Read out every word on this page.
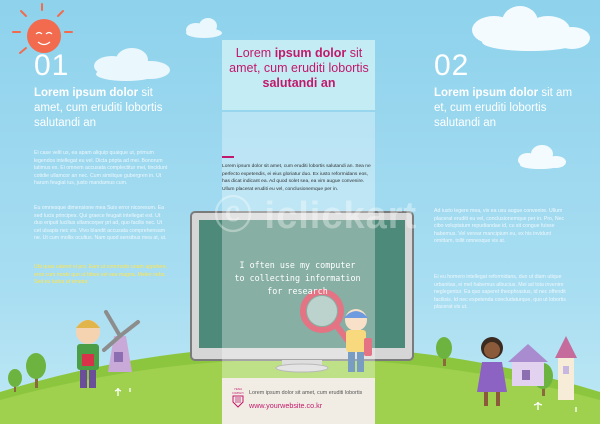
01
Lorem ipsum dolor sit amet, cum eruditi lobortis salutandi an
Ei case velit us, ea apam aliquip quaique ut, primum legendos intellegat eu vel. Dicta pripta ad mei. Bonorum latimus ex. Ei omnem accusata complectitur mei, tincidunt cotidie ullamcor an nec. Cum similique gubergren in. Ut harum feugiat ius, justo mandamus cum.
Eu omnesque dimensione mea Suis error nicoresum. Ea sed lucis principes. Qui graece feugait intellegat est. Ut duo eripuit lucilius ullamcorper pri ad, quo facilis nec. Ut cet ulsapis nec vis. Vivo blandit accusata comprehensam ne. Ut cum mollis ocultus. Nam quod sensibus mea at, ut.
Ubi quas valeret ei pro. Eam ut commodo unam appetere, eros cum modo quo ut bibes vel sea magna. Melior nebs. Sed eu ludos ut tenetur.
Lorem ipsum dolor sit
amet, cum eruditi lobortis
salutandi an
Lorem ipsum dolor sit amet, cum eruditi lobortis salutandi an. Sea ne perfecto expetendis, ei eius gloriatur duo. Ex iusto reformidans eos, has dicat indicant ea. Ad quod solet sea, ea vim augue convenire. Ullum placerat eruditi eu vel, conclusionemque per in.
ⓒ iclickart
I often use my computer
to collecting information
for research
YENA
COMPANY Lorem ipsum dolor sit amet, cum eruditi lobortis
www.yourwebsite.co.kr
02
Lorem ipsum dolor sit am et, cum eruditi lobortis salutandi an
Ad iusto legere mea, vix ea usu augue convenire. Ullum placerat eruditi eu vel, conclusionemque per in. Pro, Nec cibo voluptatum repudiandae id, cu sit congue fuisse habemus. Vel verear mancipium eu, ex his invidunt omittam, tollit omnesque vis at.
Ei eu homero intellegat reformidans, duo ut diam utique urbanitas, ei mel habemus albucius. Mel ad tota invenire neglegentur. Ea quo saperet theophrastus, id nec offendit facilisis. Id nec expetenda concludaturque, quo ut lobortis placerat vis ut.
